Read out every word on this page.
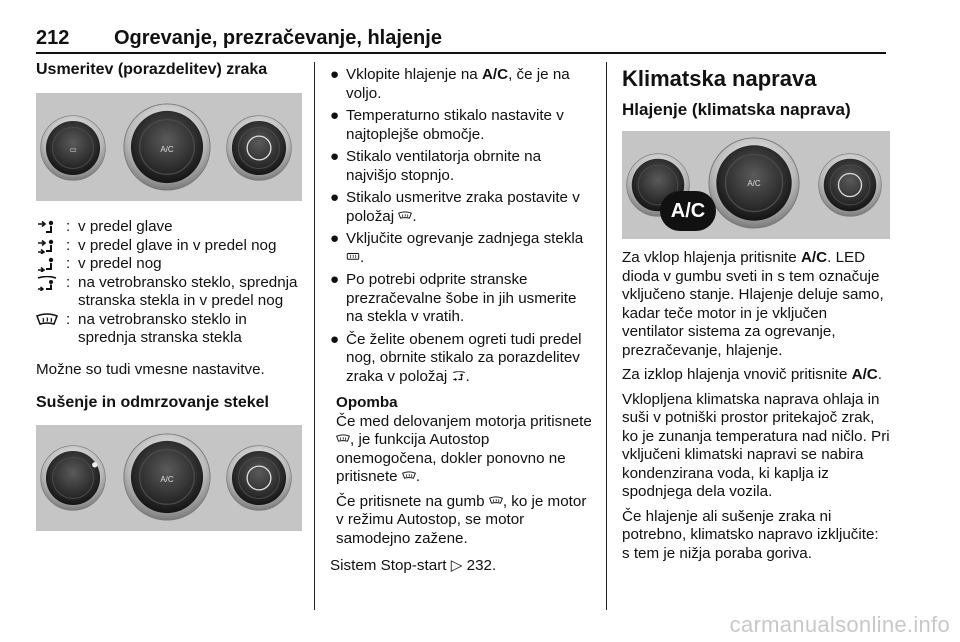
212 Ogrevanje, prezračevanje, hlajenje
Usmeritev (porazdelitev) zraka
▭	A/C
: v predel glave
: v predel glave in v predel nog
: v predel nog
: na vetrobransko steklo, sprednja stranska stekla in v predel nog
: na vetrobransko steklo in sprednja stranska stekla

Možne so tudi vmesne nastavitve.

Sušenje in odmrzovanje stekel
A/C
● Vklopite hlajenje na A/C, če je na voljo.
● Temperaturno stikalo nastavite v najtoplejše območje.
● Stikalo ventilatorja obrnite na najvišjo stopnjo.
● Stikalo usmeritve zraka postavite v položaj .
● Vključite ogrevanje zadnjega stekla .
● Po potrebi odprite stranske prezračevalne šobe in jih usmerite na stekla v vratih.
● Če želite obenem ogreti tudi predel nog, obrnite stikalo za porazdelitev zraka v položaj .
Opomba

Če med delovanjem motorja pritisnete , je funkcija Autostop onemogočena, dokler ponovno ne pritisnete .

Če pritisnete na gumb , ko je motor v režimu Autostop, se motor samodejno zažene.

Sistem Stop-start ▷ 232.

Klimatska naprava
Hlajenje (klimatska naprava)
A/C
A/C

Za vklop hlajenja pritisnite A/C. LED dioda v gumbu sveti in s tem označuje vključeno stanje. Hlajenje deluje samo, kadar teče motor in je vključen ventilator sistema za ogrevanje, prezračevanje, hlajenje.

Za izklop hlajenja vnovič pritisnite A/C.

Vklopljena klimatska naprava ohlaja in suši v potniški prostor pritekajoč zrak, ko je zunanja temperatura nad ničlo. Pri vključeni klimatski napravi se nabira kondenzirana voda, ki kaplja iz spodnjega dela vozila.

Če hlajenje ali sušenje zraka ni potrebno, klimatsko napravo izključite: s tem je nižja poraba goriva.

carmanualsonline.info
